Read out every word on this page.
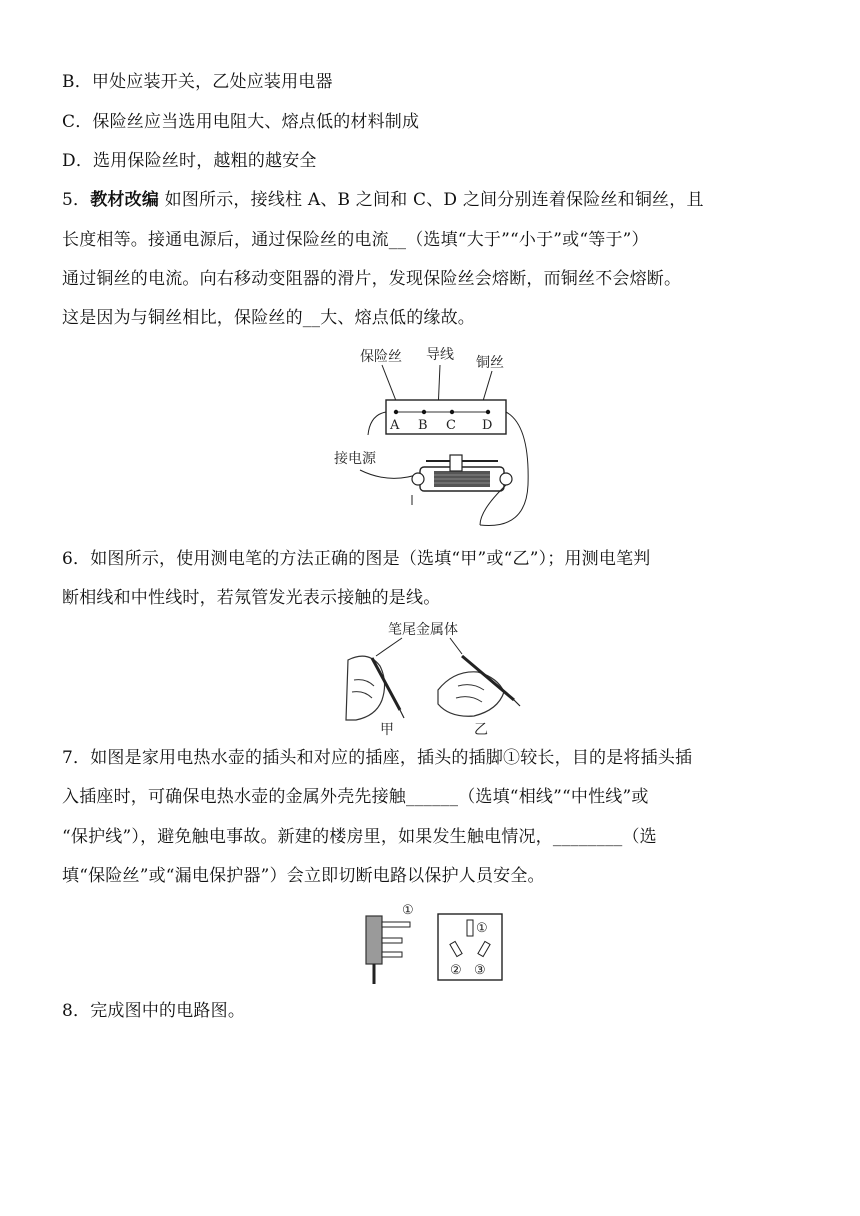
B．甲处应装开关，乙处应装用电器
C．保险丝应当选用电阻大、熔点低的材料制成
D．选用保险丝时，越粗的越安全
5．教材改编 如图所示，接线柱 A、B 之间和 C、D 之间分别连着保险丝和铜丝，且
长度相等。接通电源后，通过保险丝的电流__（选填“大于”“小于”或“等于”）
通过铜丝的电流。向右移动变阻器的滑片，发现保险丝会熔断，而铜丝不会熔断。
这是因为与铜丝相比，保险丝的__大、熔点低的缘故。
保险丝 导线 铜丝
A B C D
接电源
6．如图所示，使用测电笔的方法正确的图是（选填“甲”或“乙”）；用测电笔判
断相线和中性线时，若氖管发光表示接触的是线。
笔尾金属体
甲	乙
7．如图是家用电热水壶的插头和对应的插座，插头的插脚①较长，目的是将插头插
入插座时，可确保电热水壶的金属外壳先接触______（选填“相线”“中性线”或
“保护线”），避免触电事故。新建的楼房里，如果发生触电情况，________（选
填“保险丝”或“漏电保护器”）会立即切断电路以保护人员安全。
①
①
② ③
8．完成图中的电路图。
